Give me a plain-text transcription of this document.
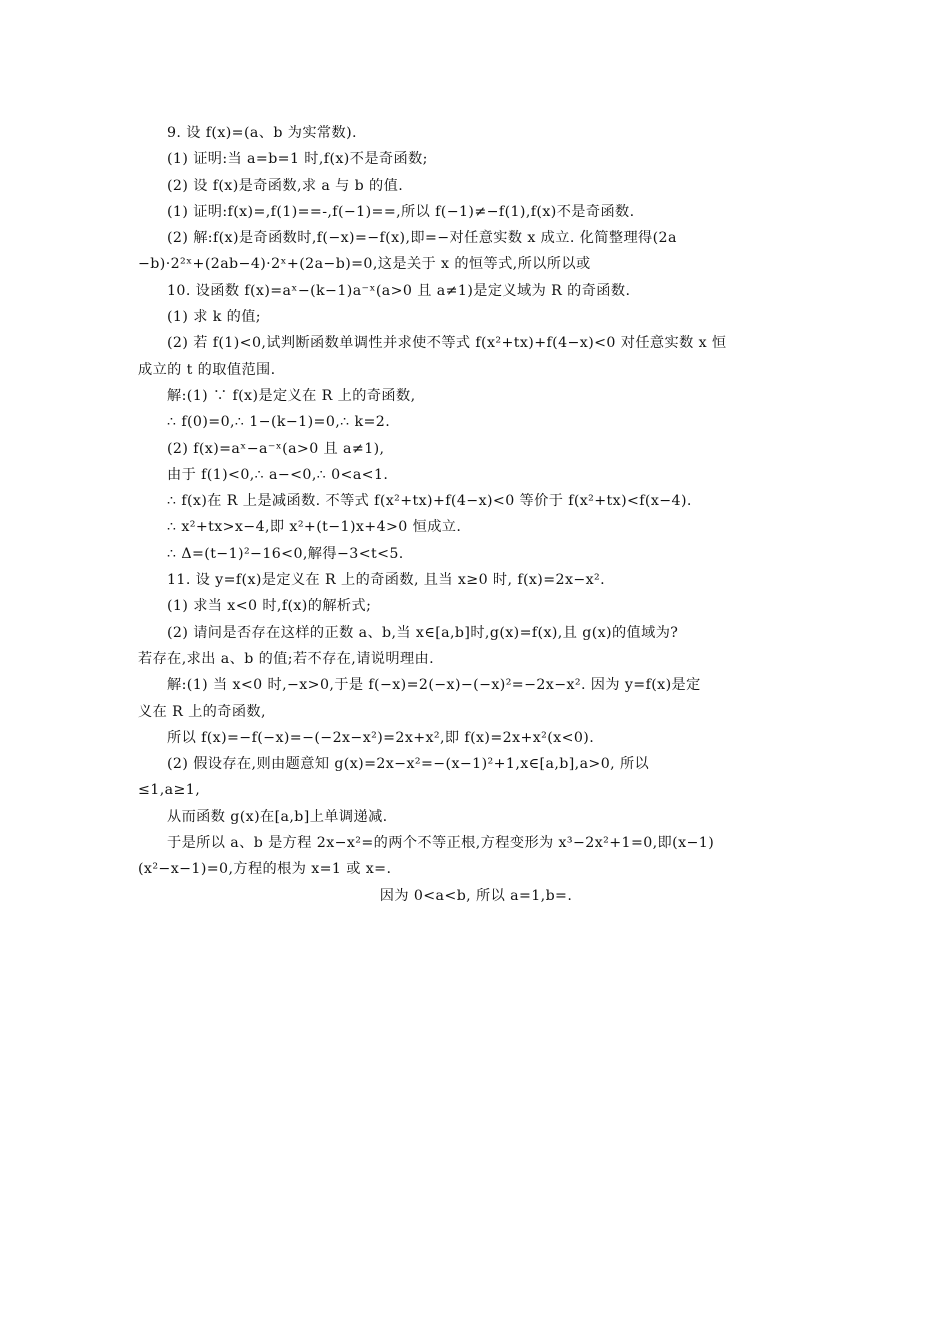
9. 设 f(x)=(a、b 为实常数).
(1) 证明:当 a=b=1 时,f(x)不是奇函数;
(2) 设 f(x)是奇函数,求 a 与 b 的值.
(1) 证明:f(x)=,f(1)==-,f(−1)==,所以 f(−1)≠−f(1),f(x)不是奇函数.
(2) 解:f(x)是奇函数时,f(−x)=−f(x),即=−对任意实数 x 成立. 化简整理得(2a
−b)·2²ˣ+(2ab−4)·2ˣ+(2a−b)=0,这是关于 x 的恒等式,所以所以或
10. 设函数 f(x)=aˣ−(k−1)a⁻ˣ(a>0 且 a≠1)是定义域为 R 的奇函数.
(1) 求 k 的值;
(2) 若 f(1)<0,试判断函数单调性并求使不等式 f(x²+tx)+f(4−x)<0 对任意实数 x 恒
成立的 t 的取值范围.
解:(1) ∵ f(x)是定义在 R 上的奇函数,
∴ f(0)=0,∴ 1−(k−1)=0,∴ k=2.
(2) f(x)=aˣ−a⁻ˣ(a>0 且 a≠1),
由于 f(1)<0,∴ a−<0,∴ 0<a<1.
∴ f(x)在 R 上是减函数. 不等式 f(x²+tx)+f(4−x)<0 等价于 f(x²+tx)<f(x−4).
∴ x²+tx>x−4,即 x²+(t−1)x+4>0 恒成立.
∴ Δ=(t−1)²−16<0,解得−3<t<5.
11. 设 y=f(x)是定义在 R 上的奇函数, 且当 x≥0 时, f(x)=2x−x².
(1) 求当 x<0 时,f(x)的解析式;
(2) 请问是否存在这样的正数 a、b,当 x∈[a,b]时,g(x)=f(x),且 g(x)的值域为?
若存在,求出 a、b 的值;若不存在,请说明理由.
解:(1) 当 x<0 时,−x>0,于是 f(−x)=2(−x)−(−x)²=−2x−x². 因为 y=f(x)是定
义在 R 上的奇函数,
所以 f(x)=−f(−x)=−(−2x−x²)=2x+x²,即 f(x)=2x+x²(x<0).
(2) 假设存在,则由题意知 g(x)=2x−x²=−(x−1)²+1,x∈[a,b],a>0, 所以
≤1,a≥1,
从而函数 g(x)在[a,b]上单调递减.
于是所以 a、b 是方程 2x−x²=的两个不等正根,方程变形为 x³−2x²+1=0,即(x−1)
(x²−x−1)=0,方程的根为 x=1 或 x=.
因为 0<a<b, 所以 a=1,b=.
